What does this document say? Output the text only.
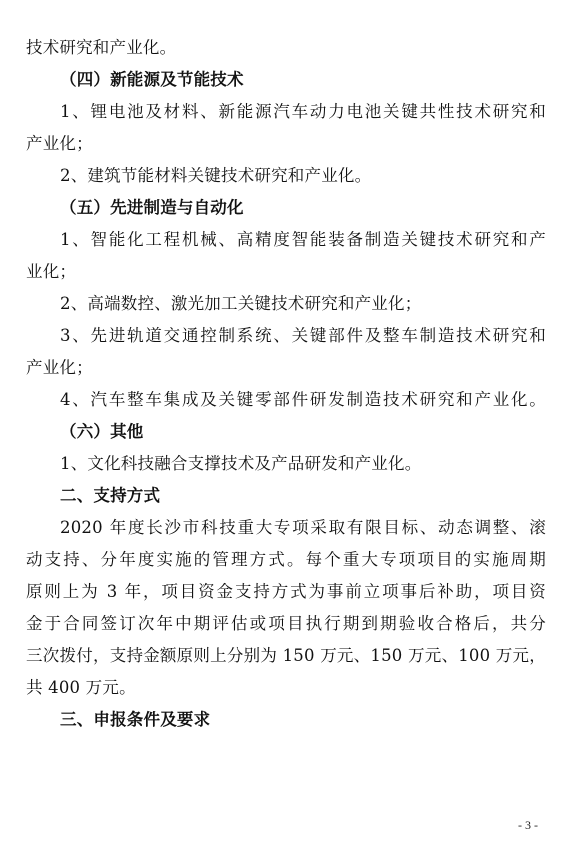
技术研究和产业化。
（四）新能源及节能技术
1、锂电池及材料、新能源汽车动力电池关键共性技术研究和
产业化；
2、建筑节能材料关键技术研究和产业化。
（五）先进制造与自动化
1、智能化工程机械、高精度智能装备制造关键技术研究和产
业化；
2、高端数控、激光加工关键技术研究和产业化；
3、先进轨道交通控制系统、关键部件及整车制造技术研究和
产业化；
4、汽车整车集成及关键零部件研发制造技术研究和产业化。
（六）其他
1、文化科技融合支撑技术及产品研发和产业化。
二、支持方式
2020 年度长沙市科技重大专项采取有限目标、动态调整、滚
动支持、分年度实施的管理方式。每个重大专项项目的实施周期
原则上为 3 年，项目资金支持方式为事前立项事后补助，项目资
金于合同签订次年中期评估或项目执行期到期验收合格后，共分
三次拨付，支持金额原则上分别为 150 万元、150 万元、100 万元，
共 400 万元。
三、申报条件及要求
- 3 -
